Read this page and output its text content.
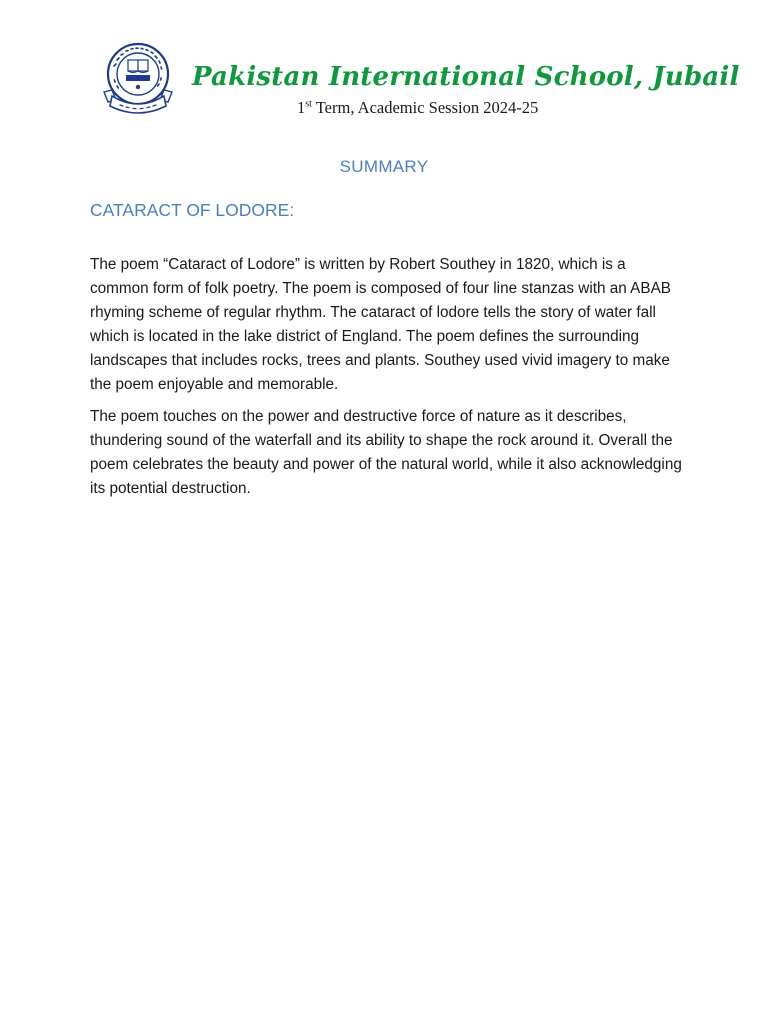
Pakistan International School, Jubail
1st Term, Academic Session 2024-25
SUMMARY
CATARACT OF LODORE:

The poem “Cataract of Lodore” is written by Robert Southey in 1820, which is a common form of folk poetry. The poem is composed of four line stanzas with an ABAB rhyming scheme of regular rhythm. The cataract of lodore tells the story of water fall which is located in the lake district of England. The poem defines the surrounding landscapes that includes rocks, trees and plants. Southey used vivid imagery to make the poem enjoyable and memorable.

The poem touches on the power and destructive force of nature as it describes, thundering sound of the waterfall and its ability to shape the rock around it. Overall the poem celebrates the beauty and power of the natural world, while it also acknowledging its potential destruction.
